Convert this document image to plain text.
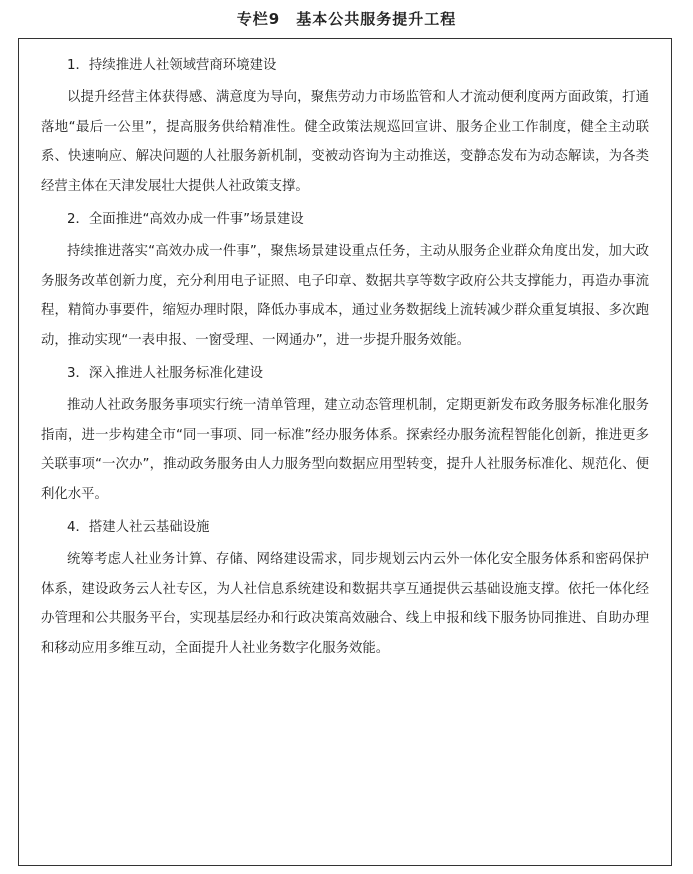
专栏9　基本公共服务提升工程
1．持续推进人社领域营商环境建设

以提升经营主体获得感、满意度为导向，聚焦劳动力市场监管和人才流动便利度两方面政策，打通落地“最后一公里”，提高服务供给精准性。健全政策法规巡回宣讲、服务企业工作制度，健全主动联系、快速响应、解决问题的人社服务新机制，变被动咨询为主动推送，变静态发布为动态解读，为各类经营主体在天津发展壮大提供人社政策支撑。

2．全面推进“高效办成一件事”场景建设

持续推进落实“高效办成一件事”，聚焦场景建设重点任务，主动从服务企业群众角度出发，加大政务服务改革创新力度，充分利用电子证照、电子印章、数据共享等数字政府公共支撑能力，再造办事流程，精简办事要件，缩短办理时限，降低办事成本，通过业务数据线上流转减少群众重复填报、多次跑动，推动实现“一表申报、一窗受理、一网通办”，进一步提升服务效能。

3．深入推进人社服务标准化建设

推动人社政务服务事项实行统一清单管理，建立动态管理机制，定期更新发布政务服务标准化服务指南，进一步构建全市“同一事项、同一标准”经办服务体系。探索经办服务流程智能化创新，推进更多关联事项“一次办”，推动政务服务由人力服务型向数据应用型转变，提升人社服务标准化、规范化、便利化水平。

4．搭建人社云基础设施

统筹考虑人社业务计算、存储、网络建设需求，同步规划云内云外一体化安全服务体系和密码保护体系，建设政务云人社专区，为人社信息系统建设和数据共享互通提供云基础设施支撑。依托一体化经办管理和公共服务平台，实现基层经办和行政决策高效融合、线上申报和线下服务协同推进、自助办理和移动应用多维互动，全面提升人社业务数字化服务效能。
